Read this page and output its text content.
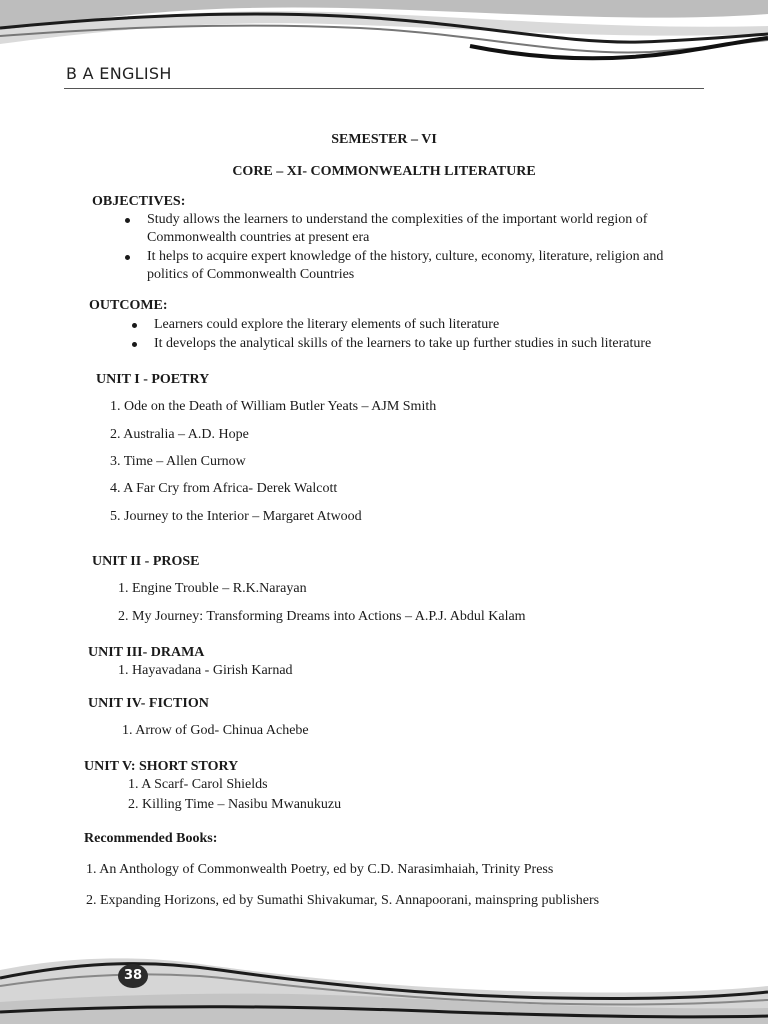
B A ENGLISH
SEMESTER – VI
CORE – XI- COMMONWEALTH LITERATURE
OBJECTIVES:
Study allows the learners to understand the complexities of the important world region of
Commonwealth countries at present era
It helps to acquire expert knowledge of the history, culture, economy, literature, religion and
politics of Commonwealth Countries
OUTCOME:
Learners could explore the literary elements of such literature
It develops the analytical skills of the learners to take up further studies in such literature
UNIT I - POETRY
1. Ode on the Death of William Butler Yeats – AJM Smith
2. Australia – A.D. Hope
3. Time – Allen Curnow
4. A Far Cry from Africa- Derek Walcott
5. Journey to the Interior – Margaret Atwood
UNIT II - PROSE
1. Engine Trouble – R.K.Narayan
2. My Journey: Transforming Dreams into Actions – A.P.J. Abdul Kalam
UNIT III- DRAMA
1. Hayavadana - Girish Karnad
UNIT IV- FICTION
1. Arrow of God- Chinua Achebe
UNIT V: SHORT STORY
1. A Scarf- Carol Shields
2. Killing Time – Nasibu Mwanukuzu
Recommended Books:
1. An Anthology of Commonwealth Poetry, ed by C.D. Narasimhaiah, Trinity Press
2. Expanding Horizons, ed by Sumathi Shivakumar, S. Annapoorani, mainspring publishers
38
